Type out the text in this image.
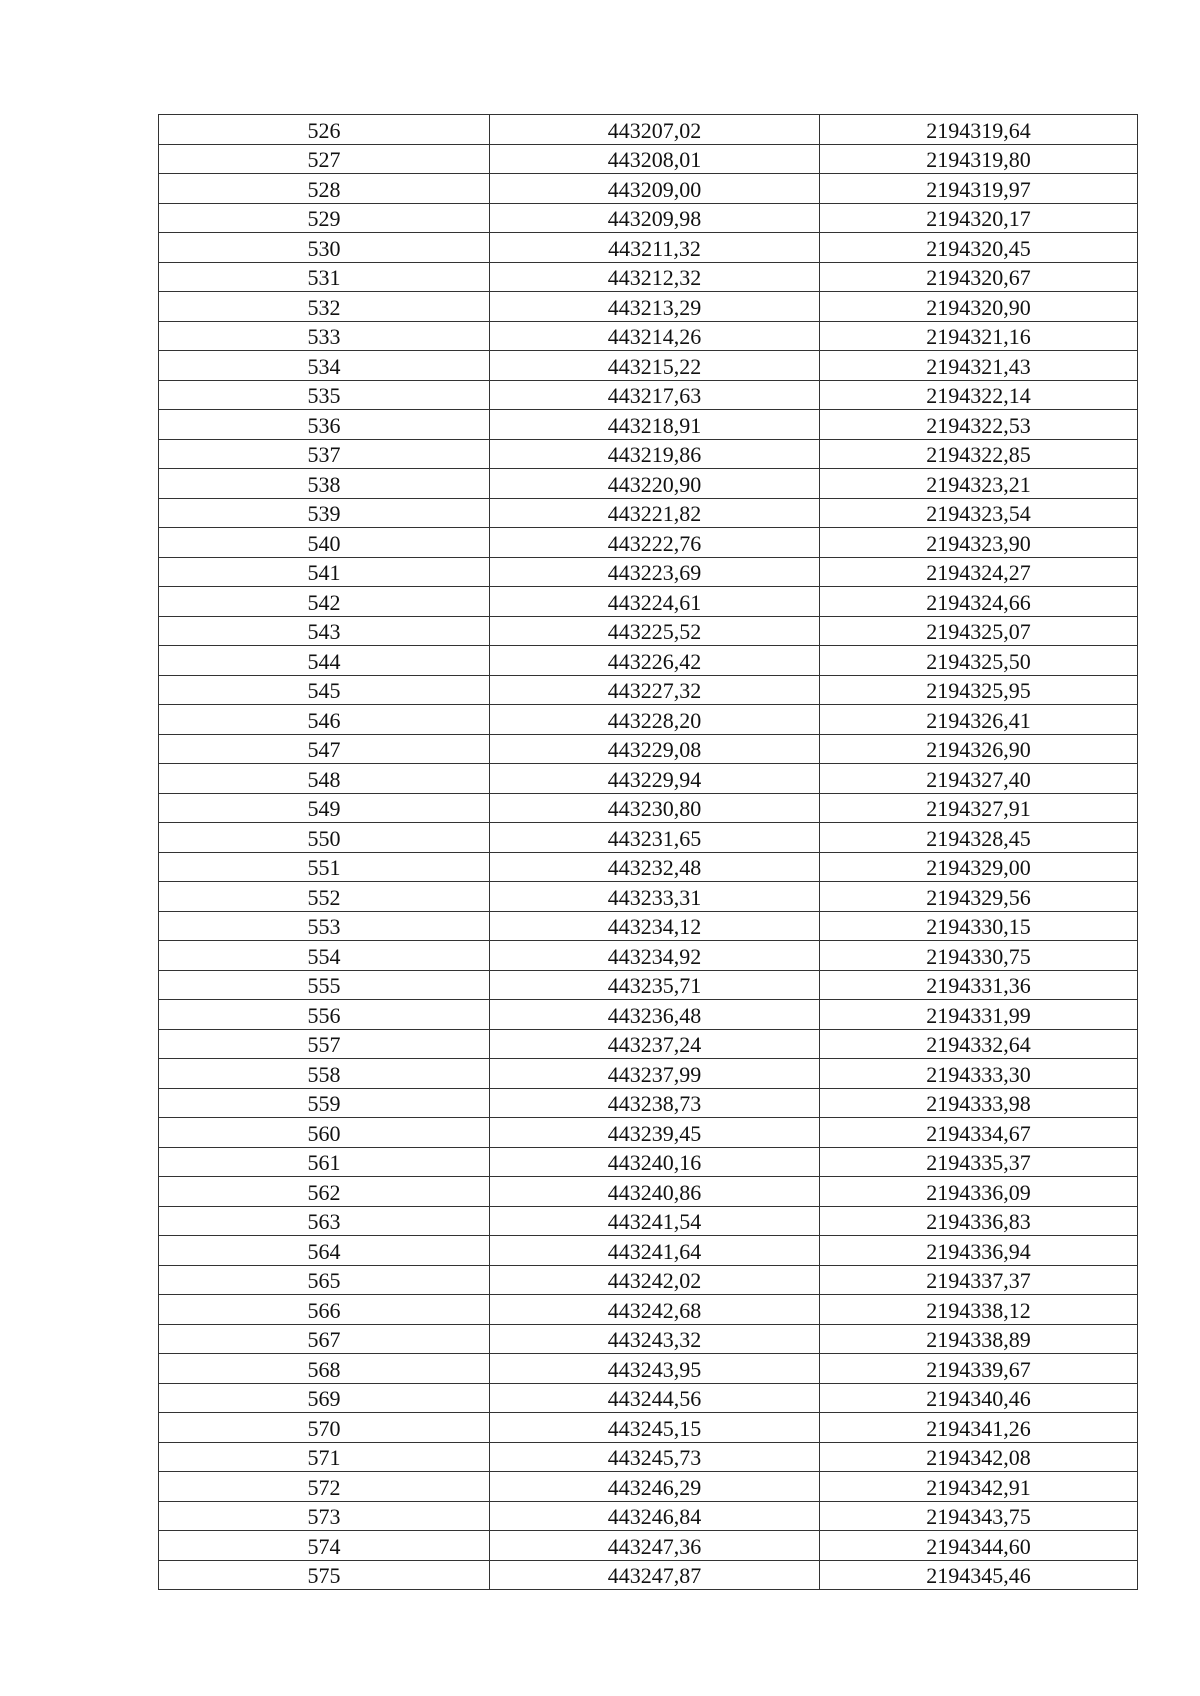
526	443207,02	2194319,64
527	443208,01	2194319,80
528	443209,00	2194319,97
529	443209,98	2194320,17
530	443211,32	2194320,45
531	443212,32	2194320,67
532	443213,29	2194320,90
533	443214,26	2194321,16
534	443215,22	2194321,43
535	443217,63	2194322,14
536	443218,91	2194322,53
537	443219,86	2194322,85
538	443220,90	2194323,21
539	443221,82	2194323,54
540	443222,76	2194323,90
541	443223,69	2194324,27
542	443224,61	2194324,66
543	443225,52	2194325,07
544	443226,42	2194325,50
545	443227,32	2194325,95
546	443228,20	2194326,41
547	443229,08	2194326,90
548	443229,94	2194327,40
549	443230,80	2194327,91
550	443231,65	2194328,45
551	443232,48	2194329,00
552	443233,31	2194329,56
553	443234,12	2194330,15
554	443234,92	2194330,75
555	443235,71	2194331,36
556	443236,48	2194331,99
557	443237,24	2194332,64
558	443237,99	2194333,30
559	443238,73	2194333,98
560	443239,45	2194334,67
561	443240,16	2194335,37
562	443240,86	2194336,09
563	443241,54	2194336,83
564	443241,64	2194336,94
565	443242,02	2194337,37
566	443242,68	2194338,12
567	443243,32	2194338,89
568	443243,95	2194339,67
569	443244,56	2194340,46
570	443245,15	2194341,26
571	443245,73	2194342,08
572	443246,29	2194342,91
573	443246,84	2194343,75
574	443247,36	2194344,60
575	443247,87	2194345,46
